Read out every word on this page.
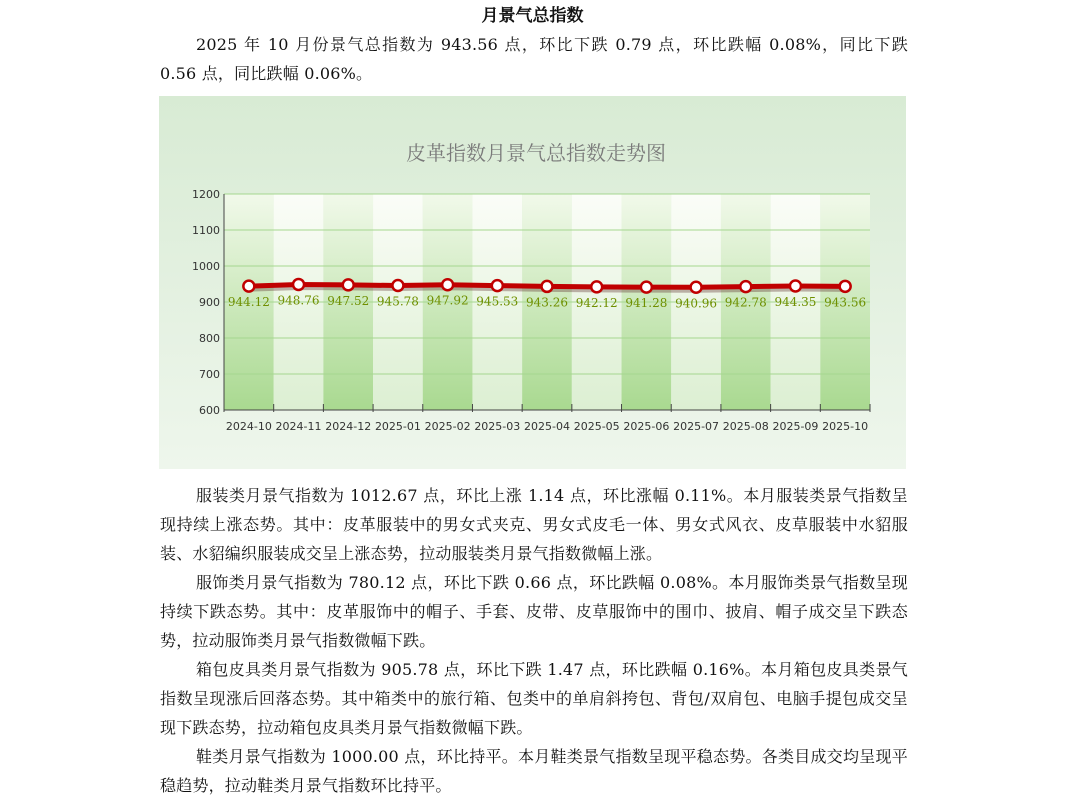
月景气总指数

2025 年 10 月份景气总指数为 943.56 点，环比下跌 0.79 点，环比跌幅 0.08%，同比下跌 0.56 点，同比跌幅 0.06%。

皮革指数月景气总指数走势图
600
700
800
900
1000
1100
1200
2024-10 2024-11 2024-12 2025-01 2025-02 2025-03 2025-04 2025-05 2025-06 2025-07 2025-08 2025-09 2025-10
944.12 948.76 947.52 945.78 947.92 945.53 943.26 942.12 941.28 940.96 942.78 944.35 943.56

服装类月景气指数为 1012.67 点，环比上涨 1.14 点，环比涨幅 0.11%。本月服装类景气指数呈现持续上涨态势。其中：皮革服装中的男女式夹克、男女式皮毛一体、男女式风衣、皮草服装中水貂服装、水貂编织服装成交呈上涨态势，拉动服装类月景气指数微幅上涨。

服饰类月景气指数为 780.12 点，环比下跌 0.66 点，环比跌幅 0.08%。本月服饰类景气指数呈现持续下跌态势。其中：皮革服饰中的帽子、手套、皮带、皮草服饰中的围巾、披肩、帽子成交呈下跌态势，拉动服饰类月景气指数微幅下跌。

箱包皮具类月景气指数为 905.78 点，环比下跌 1.47 点，环比跌幅 0.16%。本月箱包皮具类景气指数呈现涨后回落态势。其中箱类中的旅行箱、包类中的单肩斜挎包、背包/双肩包、电脑手提包成交呈现下跌态势，拉动箱包皮具类月景气指数微幅下跌。

鞋类月景气指数为 1000.00 点，环比持平。本月鞋类景气指数呈现平稳态势。各类目成交均呈现平稳趋势，拉动鞋类月景气指数环比持平。
